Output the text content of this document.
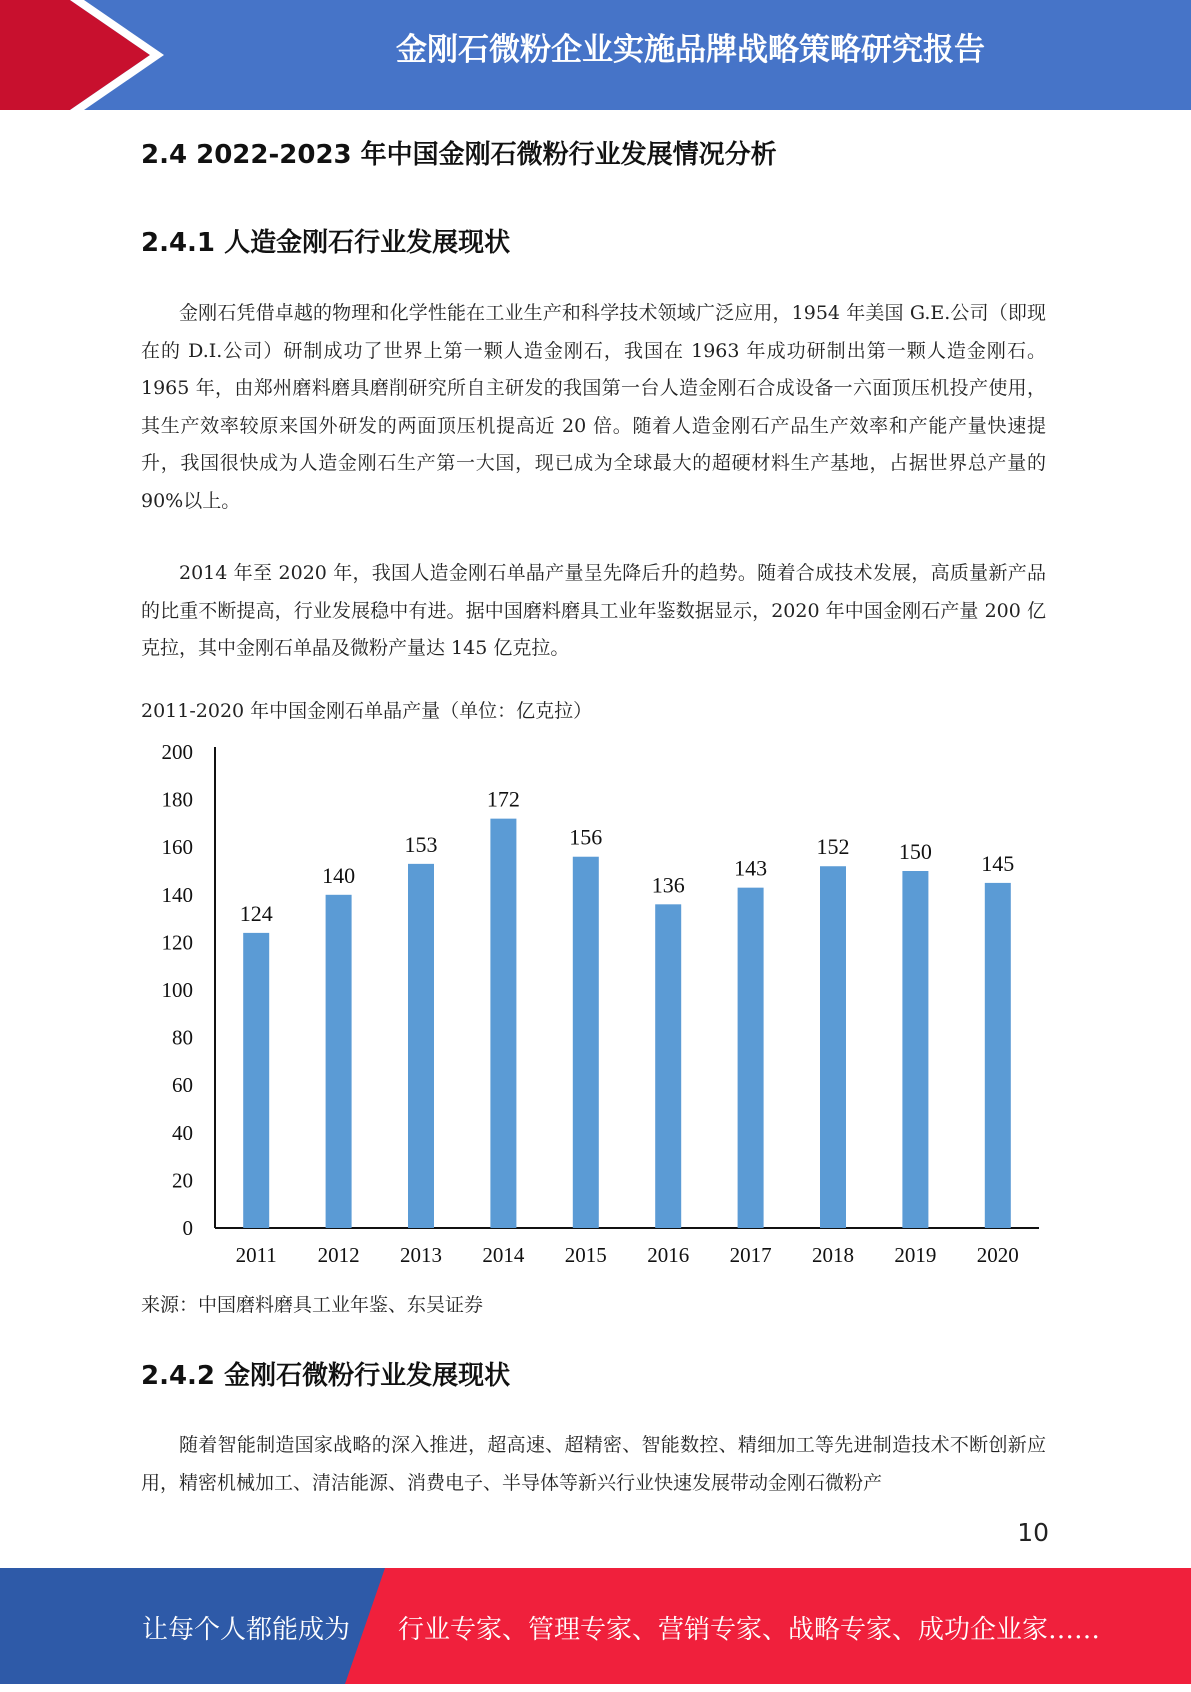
金刚石微粉企业实施品牌战略策略研究报告
2.4 2022-2023 年中国金刚石微粉行业发展情况分析
2.4.1 人造金刚石行业发展现状

金刚石凭借卓越的物理和化学性能在工业生产和科学技术领域广泛应用，1954 年美国 G.E.公司（即现在的 D.I.公司）研制成功了世界上第一颗人造金刚石，我国在 1963 年成功研制出第一颗人造金刚石。1965 年，由郑州磨料磨具磨削研究所自主研发的我国第一台人造金刚石合成设备一六面顶压机投产使用，其生产效率较原来国外研发的两面顶压机提高近 20 倍。随着人造金刚石产品生产效率和产能产量快速提升，我国很快成为人造金刚石生产第一大国，现已成为全球最大的超硬材料生产基地，占据世界总产量的 90%以上。

2014 年至 2020 年，我国人造金刚石单晶产量呈先降后升的趋势。随着合成技术发展，高质量新产品的比重不断提高，行业发展稳中有进。据中国磨料磨具工业年鉴数据显示，2020 年中国金刚石产量 200 亿克拉，其中金刚石单晶及微粉产量达 145 亿克拉。

2011-2020 年中国金刚石单晶产量（单位：亿克拉）

0
20
40
60
80
100
120
140
160
180
200
124
2011
140
2012
153
2013
172
2014
156
2015
136
2016
143
2017
152
2018
150
2019
145
2020

来源：中国磨料磨具工业年鉴、东吴证券

2.4.2 金刚石微粉行业发展现状

随着智能制造国家战略的深入推进，超高速、超精密、智能数控、精细加工等先进制造技术不断创新应用，精密机械加工、清洁能源、消费电子、半导体等新兴行业快速发展带动金刚石微粉产

10
让每个人都能成为 行业专家、管理专家、营销专家、战略专家、成功企业家……
